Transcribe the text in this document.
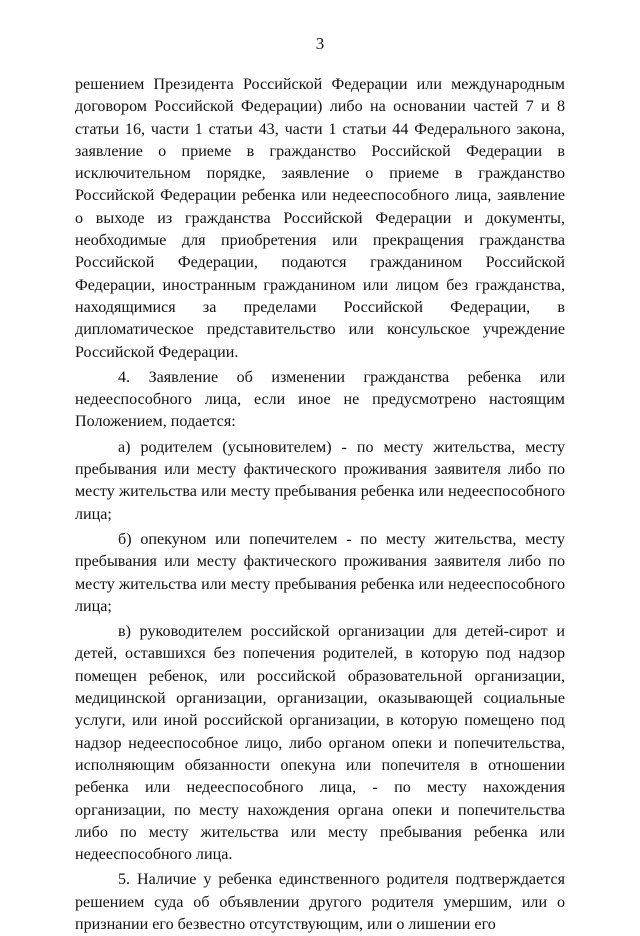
3

решением Президента Российской Федерации или международным договором Российской Федерации) либо на основании частей 7 и 8 статьи 16, части 1 статьи 43, части 1 статьи 44 Федерального закона, заявление о приеме в гражданство Российской Федерации в исключительном порядке, заявление о приеме в гражданство Российской Федерации ребенка или недееспособного лица, заявление о выходе из гражданства Российской Федерации и документы, необходимые для приобретения или прекращения гражданства Российской Федерации, подаются гражданином Российской Федерации, иностранным гражданином или лицом без гражданства, находящимися за пределами Российской Федерации, в дипломатическое представительство или консульское учреждение Российской Федерации.

4. Заявление об изменении гражданства ребенка или недееспособного лица, если иное не предусмотрено настоящим Положением, подается:

а) родителем (усыновителем) - по месту жительства, месту пребывания или месту фактического проживания заявителя либо по месту жительства или месту пребывания ребенка или недееспособного лица;

б) опекуном или попечителем - по месту жительства, месту пребывания или месту фактического проживания заявителя либо по месту жительства или месту пребывания ребенка или недееспособного лица;

в) руководителем российской организации для детей-сирот и детей, оставшихся без попечения родителей, в которую под надзор помещен ребенок, или российской образовательной организации, медицинской организации, организации, оказывающей социальные услуги, или иной российской организации, в которую помещено под надзор недееспособное лицо, либо органом опеки и попечительства, исполняющим обязанности опекуна или попечителя в отношении ребенка или недееспособного лица, - по месту нахождения организации, по месту нахождения органа опеки и попечительства либо по месту жительства или месту пребывания ребенка или недееспособного лица.

5. Наличие у ребенка единственного родителя подтверждается решением суда об объявлении другого родителя умершим, или о признании его безвестно отсутствующим, или о лишении его
